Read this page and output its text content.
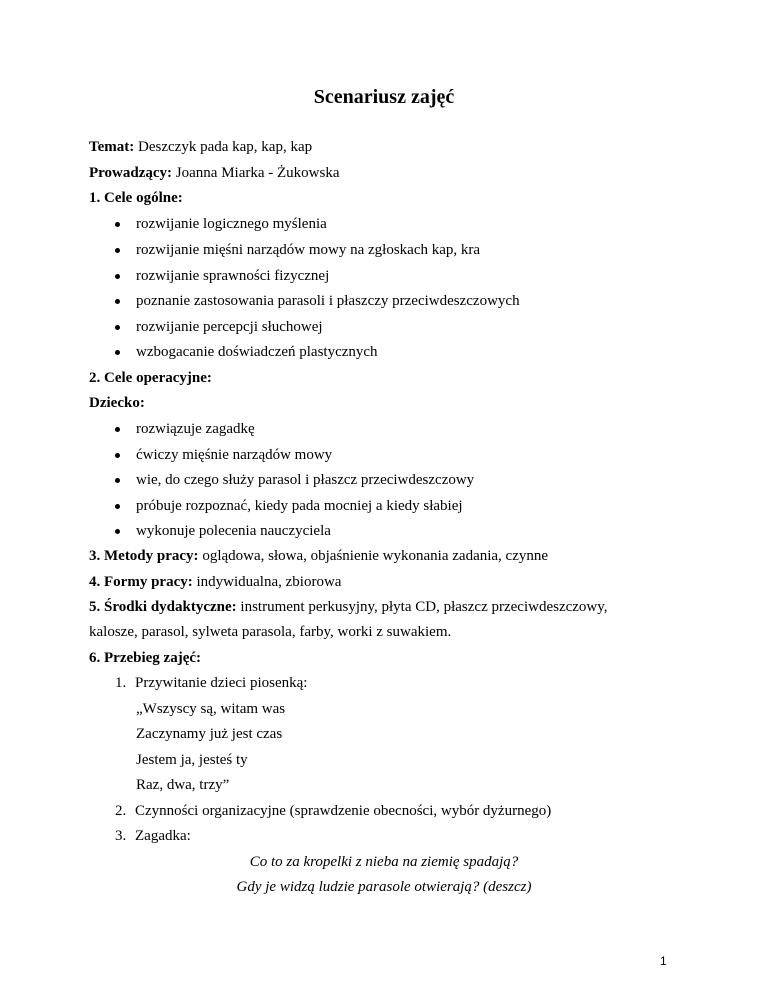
Scenariusz zajęć
Temat: Deszczyk pada kap, kap, kap
Prowadzący: Joanna Miarka - Żukowska
1. Cele ogólne:
rozwijanie logicznego myślenia
rozwijanie mięśni narządów mowy na zgłoskach kap, kra
rozwijanie sprawności fizycznej
poznanie zastosowania parasoli i płaszczy przeciwdeszczowych
rozwijanie percepcji słuchowej
wzbogacanie doświadczeń plastycznych
2. Cele operacyjne:
Dziecko:
rozwiązuje zagadkę
ćwiczy mięśnie narządów mowy
wie, do czego służy parasol i płaszcz przeciwdeszczowy
próbuje rozpoznać, kiedy pada mocniej a kiedy słabiej
wykonuje polecenia nauczyciela
3. Metody pracy: oglądowa, słowa, objaśnienie wykonania zadania, czynne
4. Formy pracy: indywidualna, zbiorowa
5. Środki dydaktyczne: instrument perkusyjny, płyta CD, płaszcz przeciwdeszczowy,
kalosze, parasol, sylweta parasola, farby, worki z suwakiem.
6. Przebieg zajęć:
1. Przywitanie dzieci piosenką:
„Wszyscy są, witam was
Zaczynamy już jest czas
Jestem ja, jesteś ty
Raz, dwa, trzy”
2. Czynności organizacyjne (sprawdzenie obecności, wybór dyżurnego)
3. Zagadka:
Co to za kropelki z nieba na ziemię spadają?
Gdy je widzą ludzie parasole otwierają? (deszcz)
1
